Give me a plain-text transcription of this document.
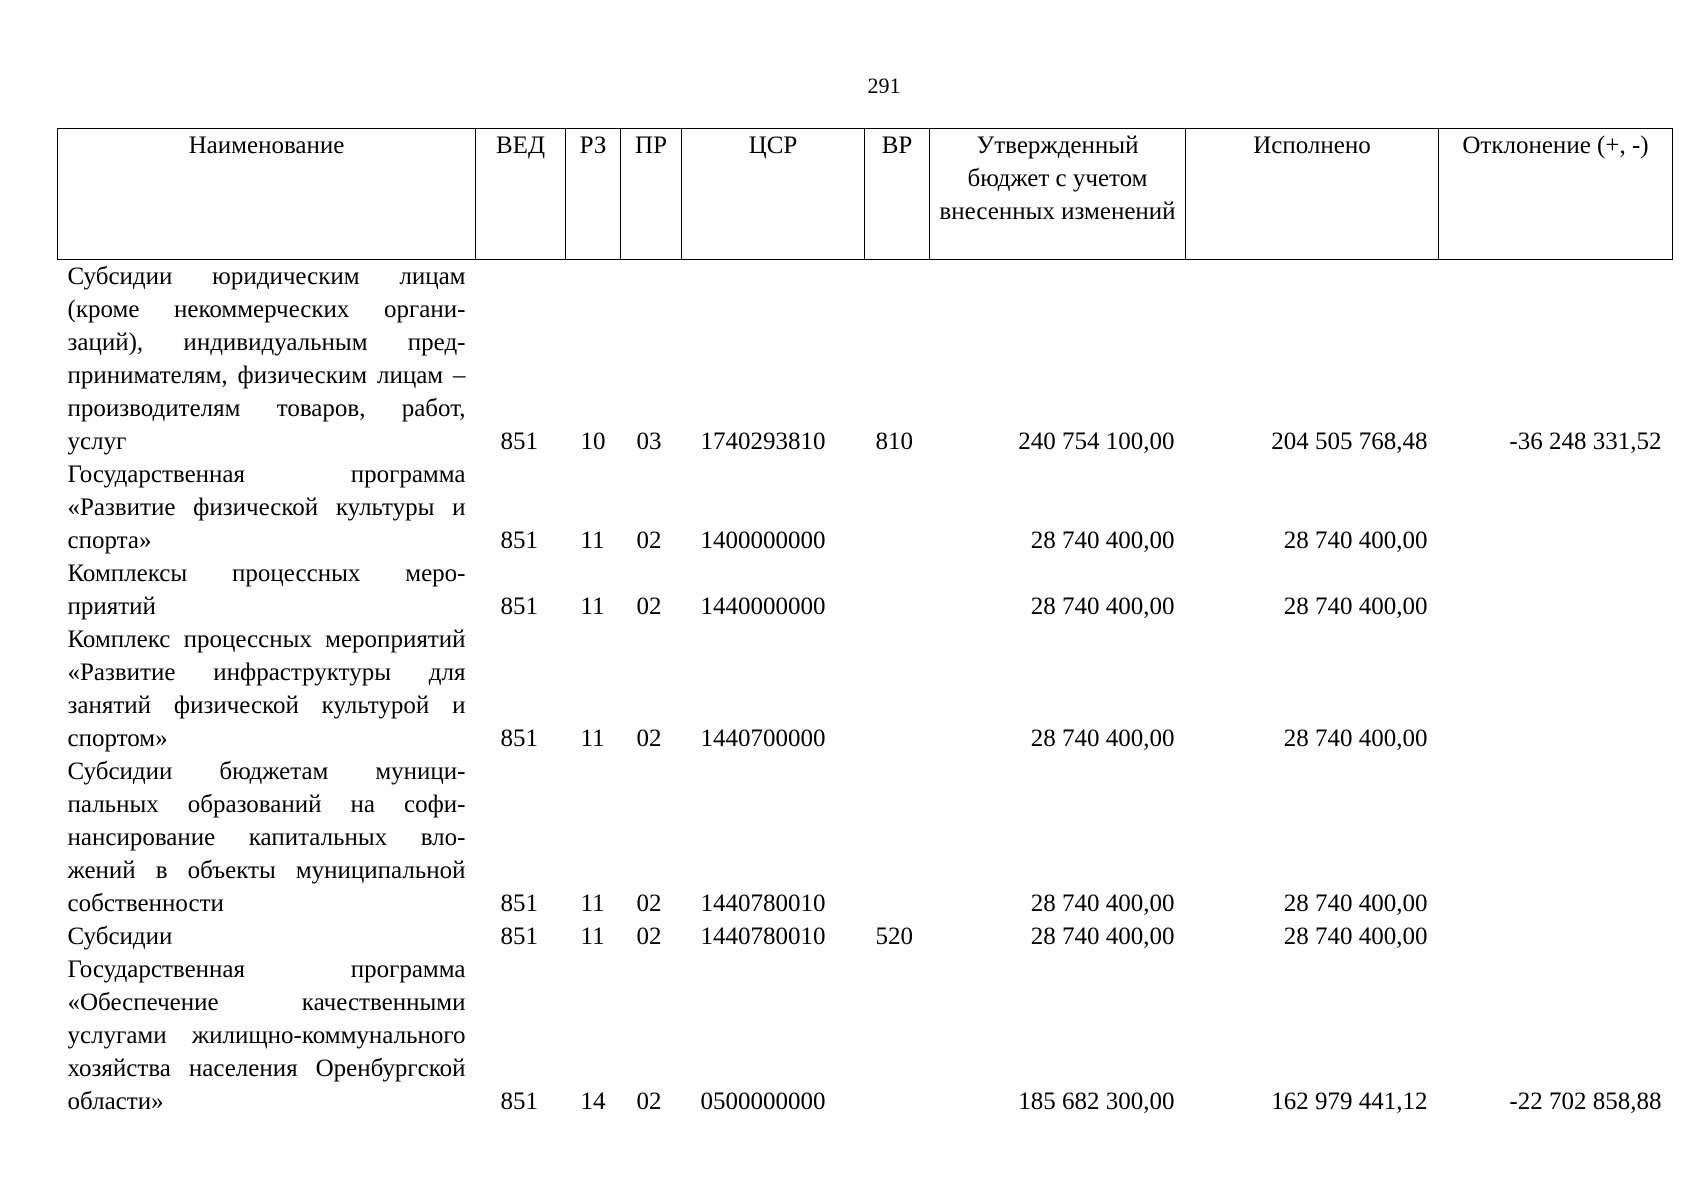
291
Наименование	ВЕД	РЗ	ПР	ЦСР	ВР	Утвержденный бюджет с учетом внесенных изменений	Исполнено	Отклонение (+, -)
Субсидии юридическим лицам (кроме некоммерческих организаций), индивидуальным предпринимателям, физическим лицам – производителям товаров, работ, услуг	851	10	03	1740293810	810	240 754 100,00	204 505 768,48	-36 248 331,52
Государственная программа «Развитие физической культуры и спорта»	851	11	02	1400000000		28 740 400,00	28 740 400,00	
Комплексы процессных мероприятий	851	11	02	1440000000		28 740 400,00	28 740 400,00	
Комплекс процессных мероприятий «Развитие инфраструктуры для занятий физической культурой и спортом»	851	11	02	1440700000		28 740 400,00	28 740 400,00	
Субсидии бюджетам муниципальных образований на софинансирование капитальных вложений в объекты муниципальной собственности	851	11	02	1440780010		28 740 400,00	28 740 400,00	
Субсидии	851	11	02	1440780010	520	28 740 400,00	28 740 400,00	
Государственная программа «Обеспечение качественными услугами жилищно-коммунального хозяйства населения Оренбургской области»	851	14	02	0500000000		185 682 300,00	162 979 441,12	-22 702 858,88
